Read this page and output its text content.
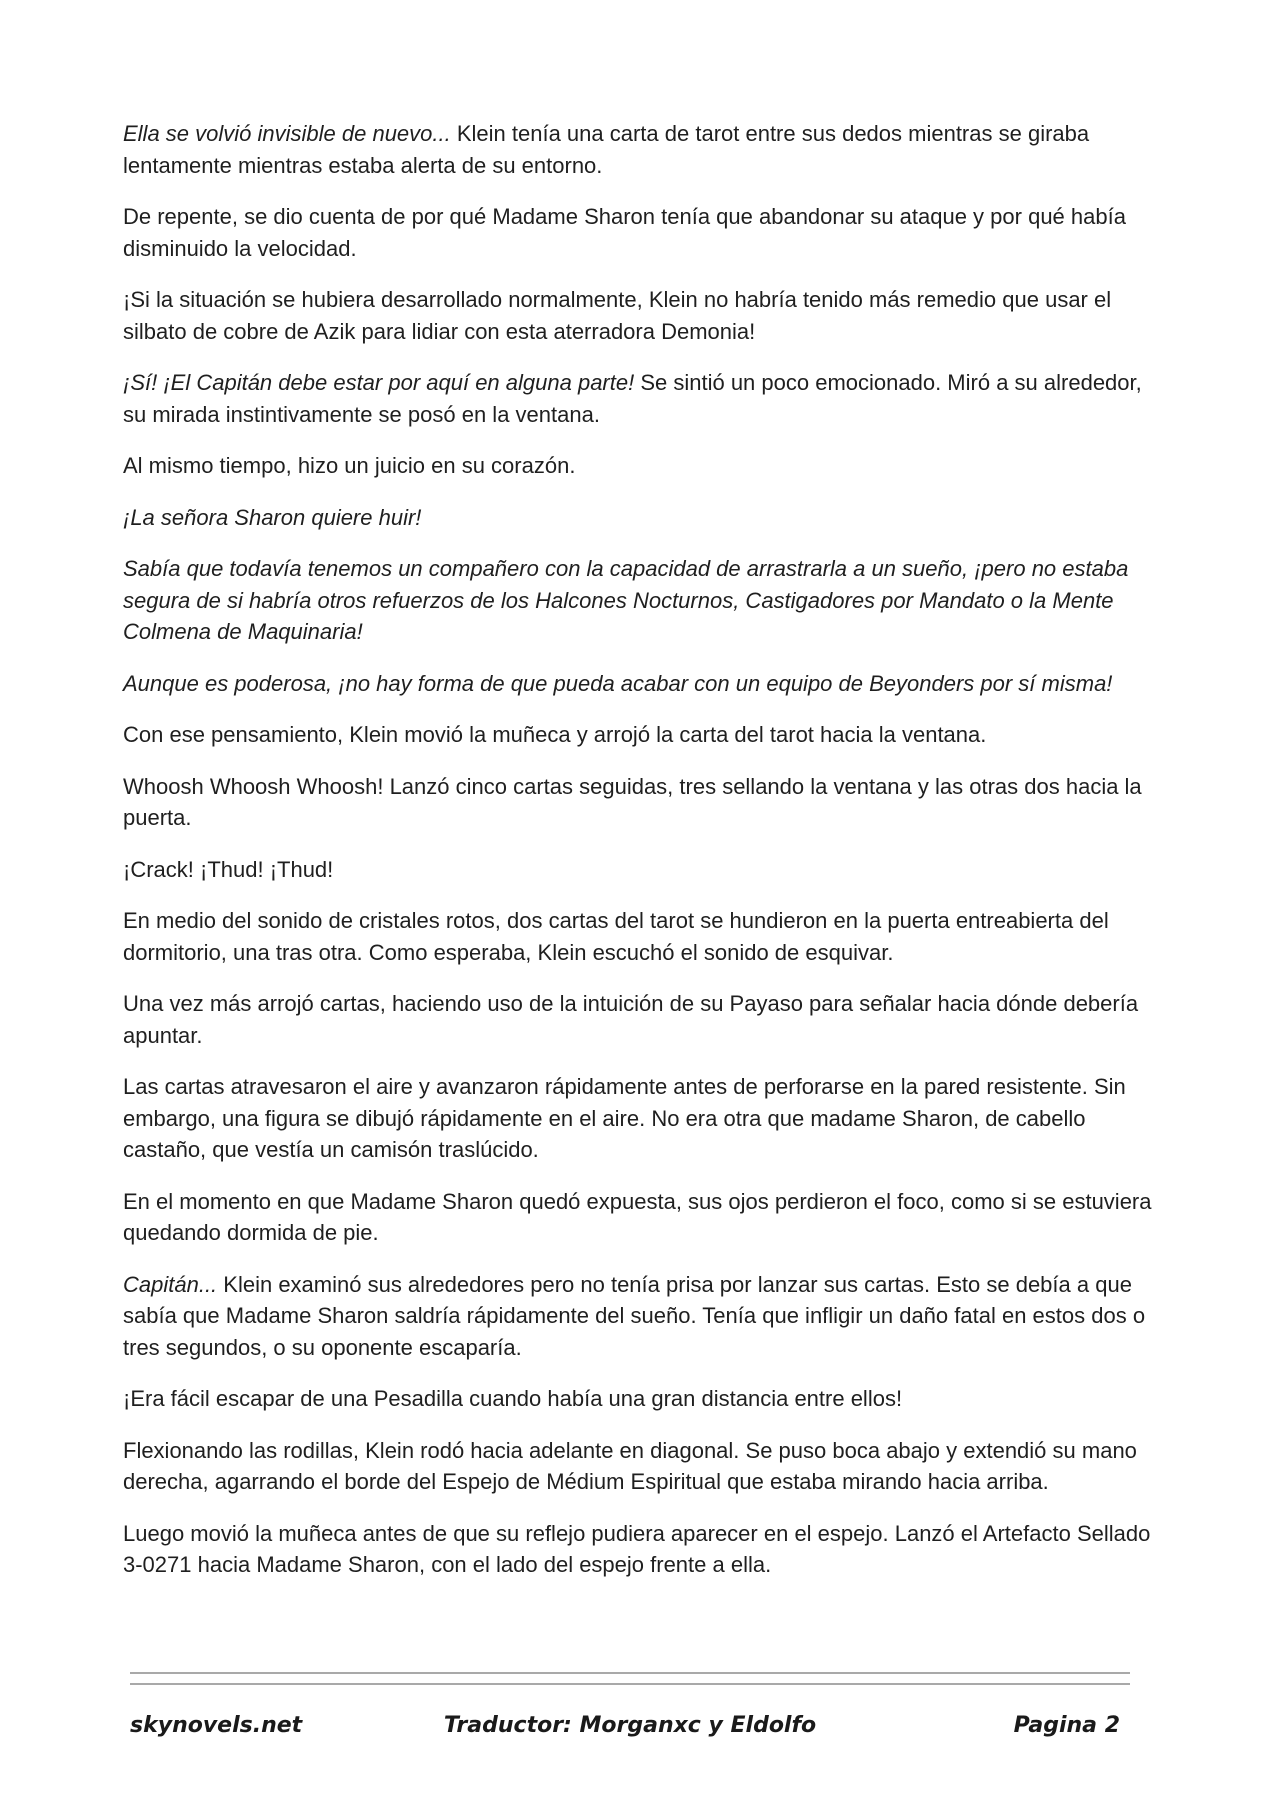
Ella se volvió invisible de nuevo... Klein tenía una carta de tarot entre sus dedos mientras se giraba lentamente mientras estaba alerta de su entorno.

De repente, se dio cuenta de por qué Madame Sharon tenía que abandonar su ataque y por qué había disminuido la velocidad.

¡Si la situación se hubiera desarrollado normalmente, Klein no habría tenido más remedio que usar el silbato de cobre de Azik para lidiar con esta aterradora Demonia!

¡Sí! ¡El Capitán debe estar por aquí en alguna parte! Se sintió un poco emocionado. Miró a su alrededor, su mirada instintivamente se posó en la ventana.

Al mismo tiempo, hizo un juicio en su corazón.

¡La señora Sharon quiere huir!

Sabía que todavía tenemos un compañero con la capacidad de arrastrarla a un sueño, ¡pero no estaba segura de si habría otros refuerzos de los Halcones Nocturnos, Castigadores por Mandato o la Mente Colmena de Maquinaria!

Aunque es poderosa, ¡no hay forma de que pueda acabar con un equipo de Beyonders por sí misma!

Con ese pensamiento, Klein movió la muñeca y arrojó la carta del tarot hacia la ventana.

Whoosh Whoosh Whoosh! Lanzó cinco cartas seguidas, tres sellando la ventana y las otras dos hacia la puerta.

¡Crack! ¡Thud! ¡Thud!

En medio del sonido de cristales rotos, dos cartas del tarot se hundieron en la puerta entreabierta del dormitorio, una tras otra. Como esperaba, Klein escuchó el sonido de esquivar.

Una vez más arrojó cartas, haciendo uso de la intuición de su Payaso para señalar hacia dónde debería apuntar.

Las cartas atravesaron el aire y avanzaron rápidamente antes de perforarse en la pared resistente. Sin embargo, una figura se dibujó rápidamente en el aire. No era otra que madame Sharon, de cabello castaño, que vestía un camisón traslúcido.

En el momento en que Madame Sharon quedó expuesta, sus ojos perdieron el foco, como si se estuviera quedando dormida de pie.

Capitán... Klein examinó sus alrededores pero no tenía prisa por lanzar sus cartas. Esto se debía a que sabía que Madame Sharon saldría rápidamente del sueño. Tenía que infligir un daño fatal en estos dos o tres segundos, o su oponente escaparía.

¡Era fácil escapar de una Pesadilla cuando había una gran distancia entre ellos!

Flexionando las rodillas, Klein rodó hacia adelante en diagonal. Se puso boca abajo y extendió su mano derecha, agarrando el borde del Espejo de Médium Espiritual que estaba mirando hacia arriba.

Luego movió la muñeca antes de que su reflejo pudiera aparecer en el espejo. Lanzó el Artefacto Sellado 3-0271 hacia Madame Sharon, con el lado del espejo frente a ella.

skynovels.net	Traductor: Morganxc y Eldolfo	Pagina 2
